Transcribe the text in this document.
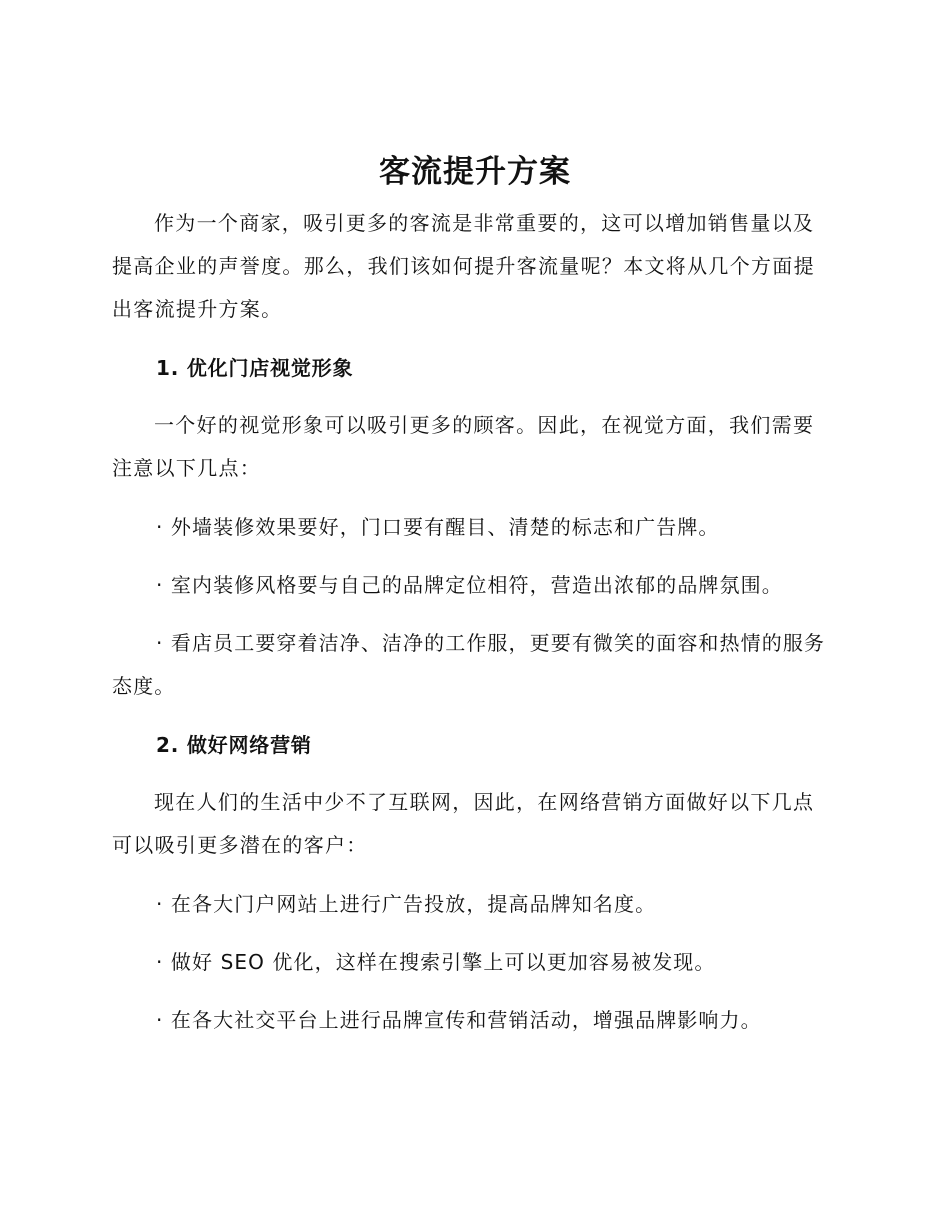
客流提升方案
作为一个商家，吸引更多的客流是非常重要的，这可以增加销售量以及提高企业的声誉度。那么，我们该如何提升客流量呢？本文将从几个方面提出客流提升方案。
1. 优化门店视觉形象
一个好的视觉形象可以吸引更多的顾客。因此，在视觉方面，我们需要注意以下几点：
· 外墙装修效果要好，门口要有醒目、清楚的标志和广告牌。
· 室内装修风格要与自己的品牌定位相符，营造出浓郁的品牌氛围。
· 看店员工要穿着洁净、洁净的工作服，更要有微笑的面容和热情的服务态度。
2. 做好网络营销
现在人们的生活中少不了互联网，因此，在网络营销方面做好以下几点可以吸引更多潜在的客户：
· 在各大门户网站上进行广告投放，提高品牌知名度。
· 做好 SEO 优化，这样在搜索引擎上可以更加容易被发现。
· 在各大社交平台上进行品牌宣传和营销活动，增强品牌影响力。
